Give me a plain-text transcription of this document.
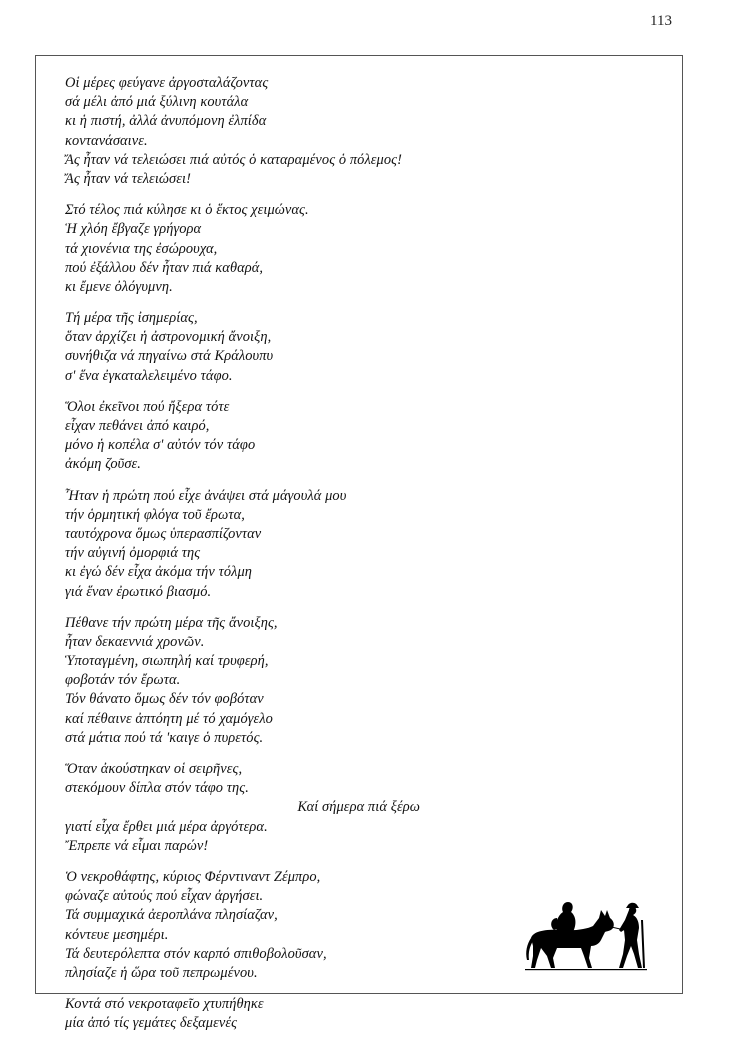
113
Οἱ μέρες φεύγανε ἀργοσταλάζοντας
σά μέλι ἀπό μιά ξύλινη κουτάλα
κι ἡ πιστή, ἀλλά ἀνυπόμονη ἐλπίδα
κοντανάσαινε.
Ἄς ἦταν νά τελειώσει πιά αὐτός ὁ καταραμένος ὁ πόλεμος!
Ἄς ἦταν νά τελειώσει!
Στό τέλος πιά κύλησε κι ὁ ἕκτος χειμώνας.
Ἡ χλόη ἔβγαζε γρήγορα
τά χιονένια της ἐσώρουχα,
πού ἐξάλλου δέν ἦταν πιά καθαρά,
κι ἔμενε ὀλόγυμνη.
Τή μέρα τῆς ἰσημερίας,
ὅταν ἀρχίζει ἡ ἀστρονομική ἄνοιξη,
συνήθιζα νά πηγαίνω στά Κράλουπυ
σ' ἕνα ἐγκαταλελειμένο τάφο.
Ὅλοι ἐκεῖνοι πού ἤξερα τότε
εἶχαν πεθάνει ἀπό καιρό,
μόνο ἡ κοπέλα σ' αὐτόν τόν τάφο
ἀκόμη ζοῦσε.
Ἦταν ἡ πρώτη πού εἶχε ἀνάψει στά μάγουλά μου
τήν ὁρμητική φλόγα τοῦ ἔρωτα,
ταυτόχρονα ὅμως ὑπερασπίζονταν
τήν αὐγινή ὀμορφιά της
κι ἐγώ δέν εἶχα ἀκόμα τήν τόλμη
γιά ἕναν ἐρωτικό βιασμό.
Πέθανε τήν πρώτη μέρα τῆς ἄνοιξης,
ἦταν δεκαεννιά χρονῶν.
Ὑποταγμένη, σιωπηλή καί τρυφερή,
φοβοτάν τόν ἔρωτα.
Τόν θάνατο ὅμως δέν τόν φοβόταν
καί πέθαινε ἀπτόητη μέ τό χαμόγελο
στά μάτια πού τά 'καιγε ὁ πυρετός.
Ὅταν ἀκούστηκαν οἱ σειρῆνες,
στεκόμουν δίπλα στόν τάφο της.
Καί σήμερα πιά ξέρω
γιατί εἶχα ἔρθει μιά μέρα ἀργότερα.
Ἔπρεπε νά εἶμαι παρών!
Ὁ νεκροθάφτης, κύριος Φέρντιναντ Ζέμπρο,
φώναζε αὐτούς πού εἶχαν ἀργήσει.
Τά συμμαχικά ἀεροπλάνα πλησίαζαν,
κόντευε μεσημέρι.
Τά δευτερόλεπτα στόν καρπό σπιθοβολοῦσαν,
πλησίαζε ἡ ὥρα τοῦ πεπρωμένου.
Κοντά στό νεκροταφεῖο χτυπήθηκε
μία ἀπό τίς γεμάτες δεξαμενές
